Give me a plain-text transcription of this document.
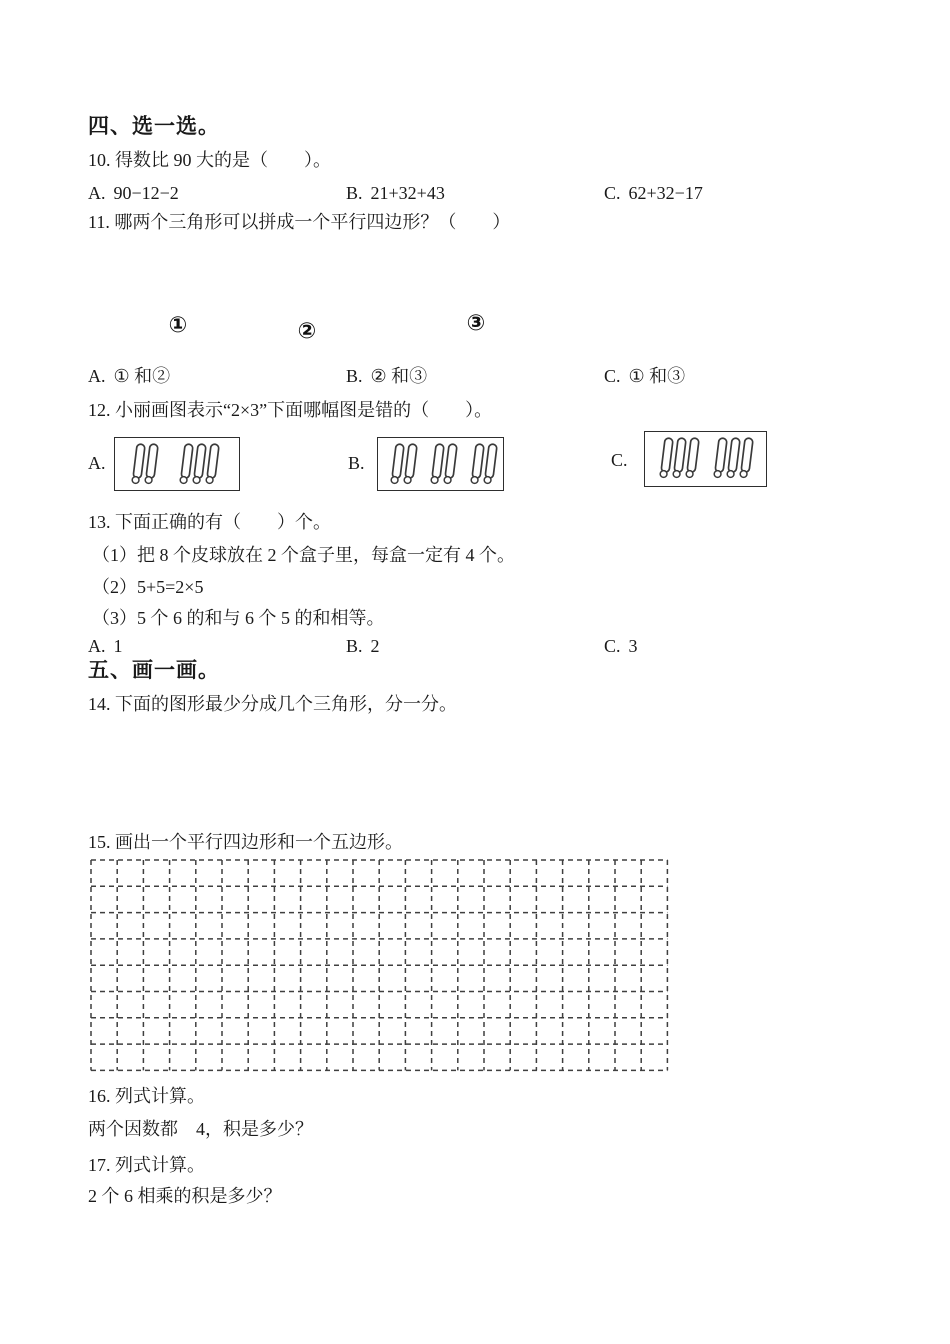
四、选一选。
10. 得数比 90 大的是（　　）。
A. 90−12−2	B. 21+32+43	C. 62+32−17
11. 哪两个三角形可以拼成一个平行四边形？（　　）
①	②	③
A. ① 和②	B. ② 和③	C. ① 和③
12. 小丽画图表示“2×3”下面哪幅图是错的（　　）。
A.	B.	C.
13. 下面正确的有（　　）个。
（1）把 8 个皮球放在 2 个盒子里，每盒一定有 4 个。
（2）5+5=2×5
（3）5 个 6 的和与 6 个 5 的和相等。
A. 1	B. 2	C. 3
五、画一画。
14. 下面的图形最少分成几个三角形，分一分。
15. 画出一个平行四边形和一个五边形。
16. 列式计算。
两个因数都　4，积是多少？
17. 列式计算。
2 个 6 相乘的积是多少？
